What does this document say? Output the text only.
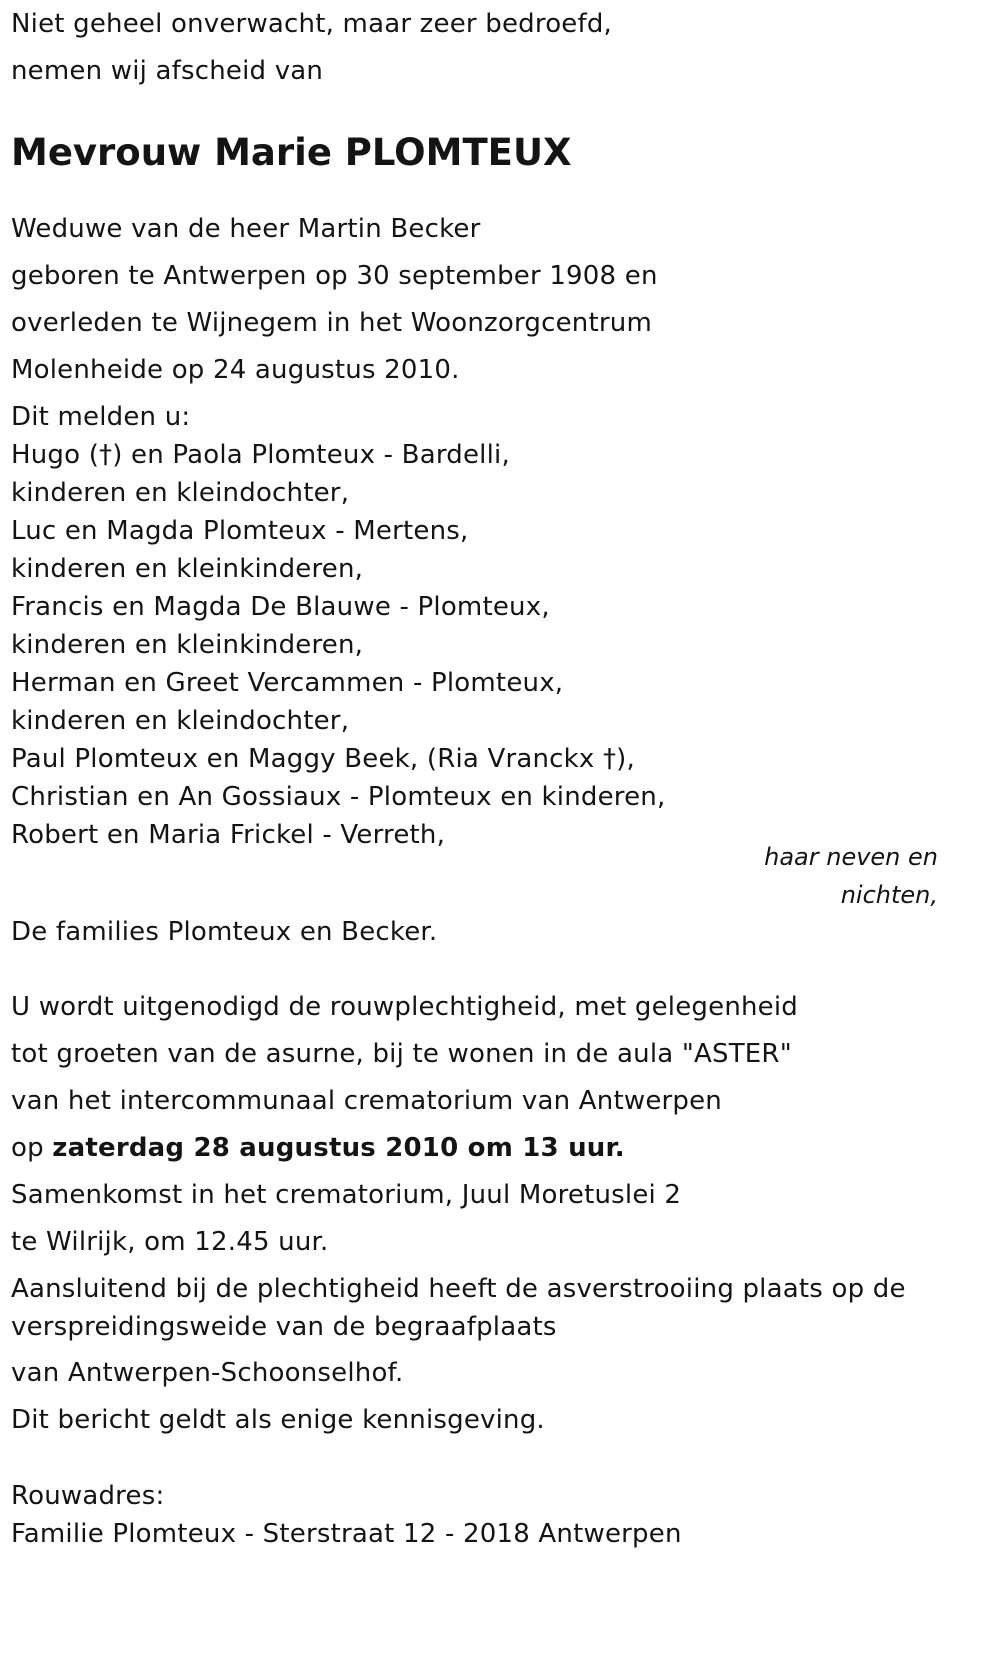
Niet geheel onverwacht, maar zeer bedroefd,
nemen wij afscheid van
Mevrouw Marie PLOMTEUX
Weduwe van de heer Martin Becker
geboren te Antwerpen op 30 september 1908 en
overleden te Wijnegem in het Woonzorgcentrum
Molenheide op 24 augustus 2010.
Dit melden u:
Hugo (†) en Paola Plomteux - Bardelli,
kinderen en kleindochter,
Luc en Magda Plomteux - Mertens,
kinderen en kleinkinderen,
Francis en Magda De Blauwe - Plomteux,
kinderen en kleinkinderen,
Herman en Greet Vercammen - Plomteux,
kinderen en kleindochter,
Paul Plomteux en Maggy Beek, (Ria Vranckx †),
Christian en An Gossiaux - Plomteux en kinderen,
Robert en Maria Frickel - Verreth,
haar neven en
nichten,
De families Plomteux en Becker.
U wordt uitgenodigd de rouwplechtigheid, met gelegenheid
tot groeten van de asurne, bij te wonen in de aula "ASTER"
van het intercommunaal crematorium van Antwerpen
op zaterdag 28 augustus 2010 om 13 uur.
Samenkomst in het crematorium, Juul Moretuslei 2
te Wilrijk, om 12.45 uur.
Aansluitend bij de plechtigheid heeft de asverstrooiing plaats op de
verspreidingsweide van de begraafplaats
van Antwerpen-Schoonselhof.
Dit bericht geldt als enige kennisgeving.
Rouwadres:
Familie Plomteux - Sterstraat 12 - 2018 Antwerpen
